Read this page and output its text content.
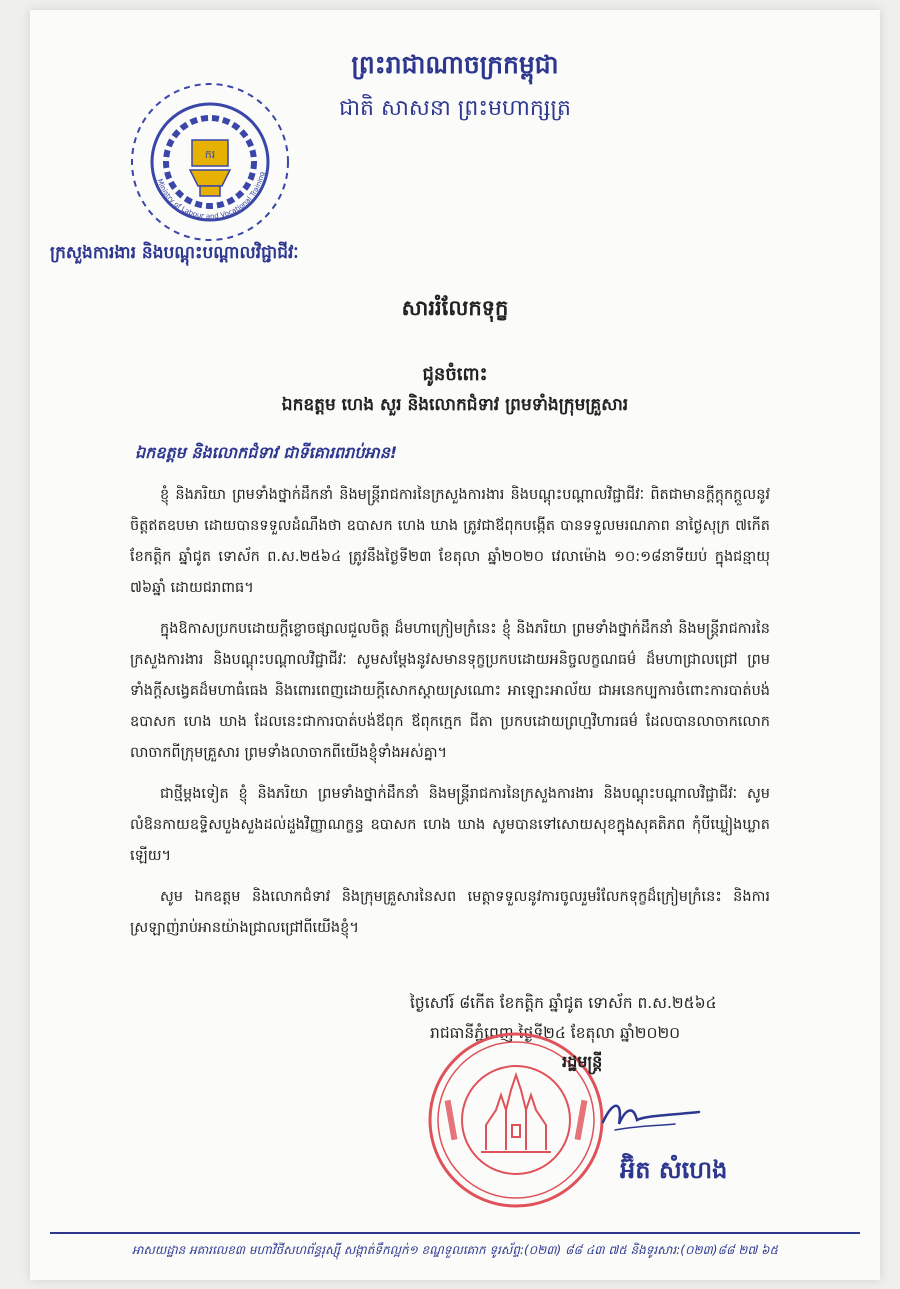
ករ
Ministry of Labour and Vocational Training
ព្រះរាជាណាចក្រកម្ពុជា
ជាតិ សាសនា ព្រះមហាក្សត្រ
ក្រសួងការងារ និងបណ្តុះបណ្តាលវិជ្ជាជីវៈ
សាររំលែកទុក្ខ
ជូនចំពោះ
ឯកឧត្តម ហេង សួរ និងលោកជំទាវ ព្រមទាំងក្រុមគ្រួសារ
ឯកឧត្តម និងលោកជំទាវ ជាទីគោរពរាប់អាន!

ខ្ញុំ និងភរិយា ព្រមទាំងថ្នាក់ដឹកនាំ និងមន្ត្រីរាជការនៃក្រសួងការងារ និងបណ្តុះបណ្តាលវិជ្ជាជីវៈ ពិតជាមានក្តីក្តុកក្តួលនូវចិត្តឥតឧបមា ដោយបានទទួលដំណឹងថា ឧបាសក ហេង ឃាង ត្រូវជាឪពុកបង្កើត បានទទួលមរណភាព នាថ្ងៃសុក្រ ៧កើត ខែកត្តិក ឆ្នាំជូត ទោស័ក ព.ស.២៥៦៤ ត្រូវនឹងថ្ងៃទី២៣ ខែតុលា ឆ្នាំ២០២០ វេលាម៉ោង ១០:១៨នាទីយប់ ក្នុងជន្មាយុ ៧៦ឆ្នាំ ដោយជរាពាធ។

ក្នុងឱកាសប្រកបដោយក្តីខ្លោចផ្សាលជួលចិត្ត ដ៏មហាក្រៀមក្រំនេះ ខ្ញុំ និងភរិយា ព្រមទាំងថ្នាក់ដឹកនាំ និងមន្ត្រីរាជការនៃក្រសួងការងារ និងបណ្តុះបណ្តាលវិជ្ជាជីវៈ សូមសម្តែងនូវសមានទុក្ខប្រកបដោយអនិច្ចលក្ខណធម៌ ដ៏មហាជ្រាលជ្រៅ ព្រមទាំងក្តីសង្វេគដ៏មហាធំធេង និងពោរពេញដោយក្តីសោកស្តាយស្រណោះ អាឡោះអាល័យ ជាអនេកប្បការចំពោះការបាត់បង់ ឧបាសក ហេង ឃាង ដែលនេះជាការបាត់បង់ឪពុក ឪពុកក្មេក ជីតា ប្រកបដោយព្រហ្មវិហារធម៌ ដែលបានលាចាកលោក លាចាកពីក្រុមគ្រួសារ ព្រមទាំងលាចាកពីយើងខ្ញុំទាំងអស់គ្នា។

ជាថ្មីម្តងទៀត ខ្ញុំ និងភរិយា ព្រមទាំងថ្នាក់ដឹកនាំ និងមន្ត្រីរាជការនៃក្រសួងការងារ និងបណ្តុះបណ្តាលវិជ្ជាជីវៈ សូមលំឱនកាយឧទ្ទិសបួងសួងដល់ដួងវិញ្ញាណក្ខន្ធ ឧបាសក ហេង ឃាង សូមបានទៅសោយសុខក្នុងសុគតិភព កុំបីឃ្លៀងឃ្លាតឡើយ។

សូម ឯកឧត្តម និងលោកជំទាវ និងក្រុមគ្រួសារនៃសព មេត្តាទទួលនូវការចូលរួមរំលែកទុក្ខដ៏ក្រៀមក្រំនេះ និងការស្រឡាញ់រាប់អានយ៉ាងជ្រាលជ្រៅពីយើងខ្ញុំ។

ថ្ងៃសៅរ៍ ៨កើត ខែកត្តិក ឆ្នាំជូត ទោស័ក ព.ស.២៥៦៤
រាជធានីភ្នំពេញ ថ្ងៃទី២៤ ខែតុលា ឆ្នាំ២០២០
រដ្ឋមន្ត្រី
អ៊ិត សំហេង
អាសយដ្ឋាន អគារលេខ៣ មហាវិថីសហព័ន្ធរុស្ស៊ី សង្កាត់ទឹកល្អក់១ ខណ្ឌទួលគោក ទូរស័ព្ទ:(០២៣) ៨៨ ៤៣ ៧៥ និងទូរសារ:(០២៣)៨៨ ២៧ ៦៥
